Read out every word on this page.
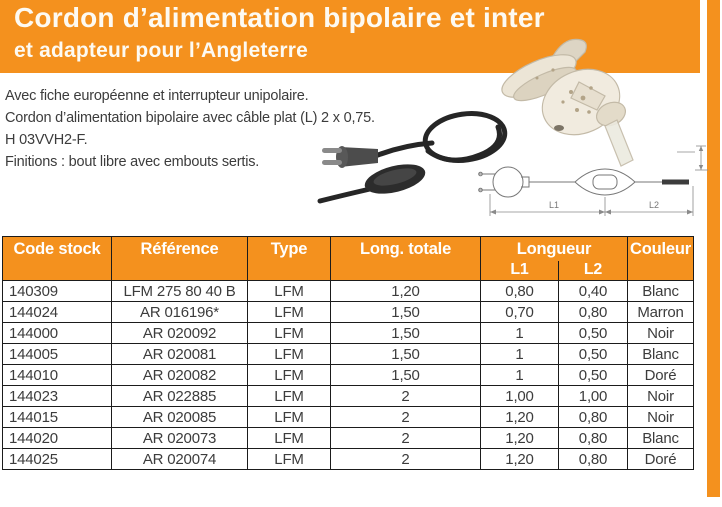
Cordon d’alimentation bipolaire et inter
et adapteur pour l’Angleterre
Avec fiche européenne et interrupteur unipolaire.
Cordon d’alimentation bipolaire avec câble plat (L) 2 x 0,75.
H 03VVH2-F.
Finitions : bout libre avec embouts sertis.
L1	L2
Code stock	Référence	Type	Long. totale	Longueur		Couleur
				L1	L2	
140309	LFM 275 80 40 B	LFM	1,20	0,80	0,40	Blanc
144024	AR 016196*	LFM	1,50	0,70	0,80	Marron
144000	AR 020092	LFM	1,50	1	0,50	Noir
144005	AR 020081	LFM	1,50	1	0,50	Blanc
144010	AR 020082	LFM	1,50	1	0,50	Doré
144023	AR 022885	LFM	2	1,00	1,00	Noir
144015	AR 020085	LFM	2	1,20	0,80	Noir
144020	AR 020073	LFM	2	1,20	0,80	Blanc
144025	AR 020074	LFM	2	1,20	0,80	Doré
